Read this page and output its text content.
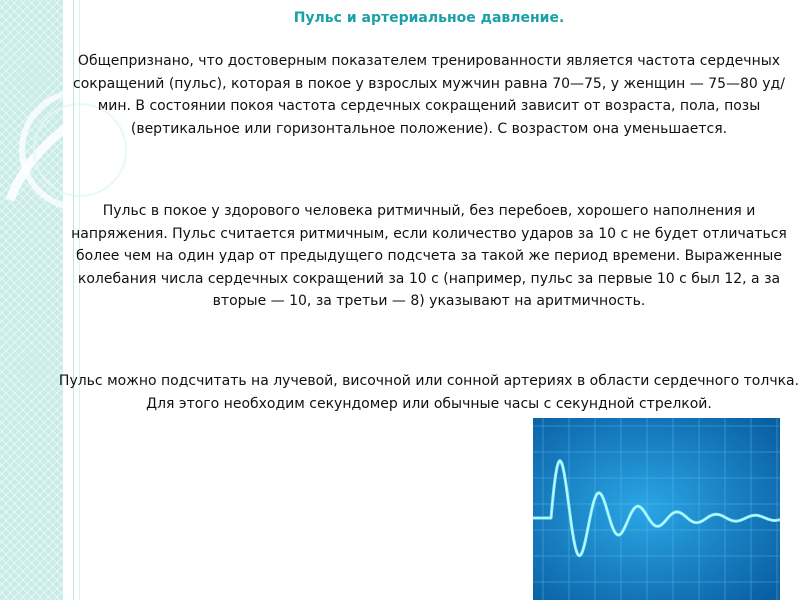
Пульс и артериальное давление.
Общепризнано, что достоверным показателем тренированности является частота сердечных сокращений (пульс), которая в покое у взрослых мужчин равна 70—75, у женщин — 75—80 уд/мин. В состоянии покоя частота сердечных сокращений зависит от возраста, пола, позы (вертикальное или горизонтальное положение). С возрастом она уменьшается.
Пульс в покое у здорового человека ритмичный, без перебоев, хорошего наполнения и напряжения. Пульс считается ритмичным, если количество ударов за 10 с не будет отличаться более чем на один удар от предыдущего подсчета за такой же период времени. Выраженные колебания числа сердечных сокращений за 10 с (например, пульс за первые 10 с был 12, а за вторые — 10, за третьи — 8) указывают на аритмичность.
Пульс можно подсчитать на лучевой, височной или сонной артериях в области сердечного толчка. Для этого необходим секундомер или обычные часы с секундной стрелкой.
